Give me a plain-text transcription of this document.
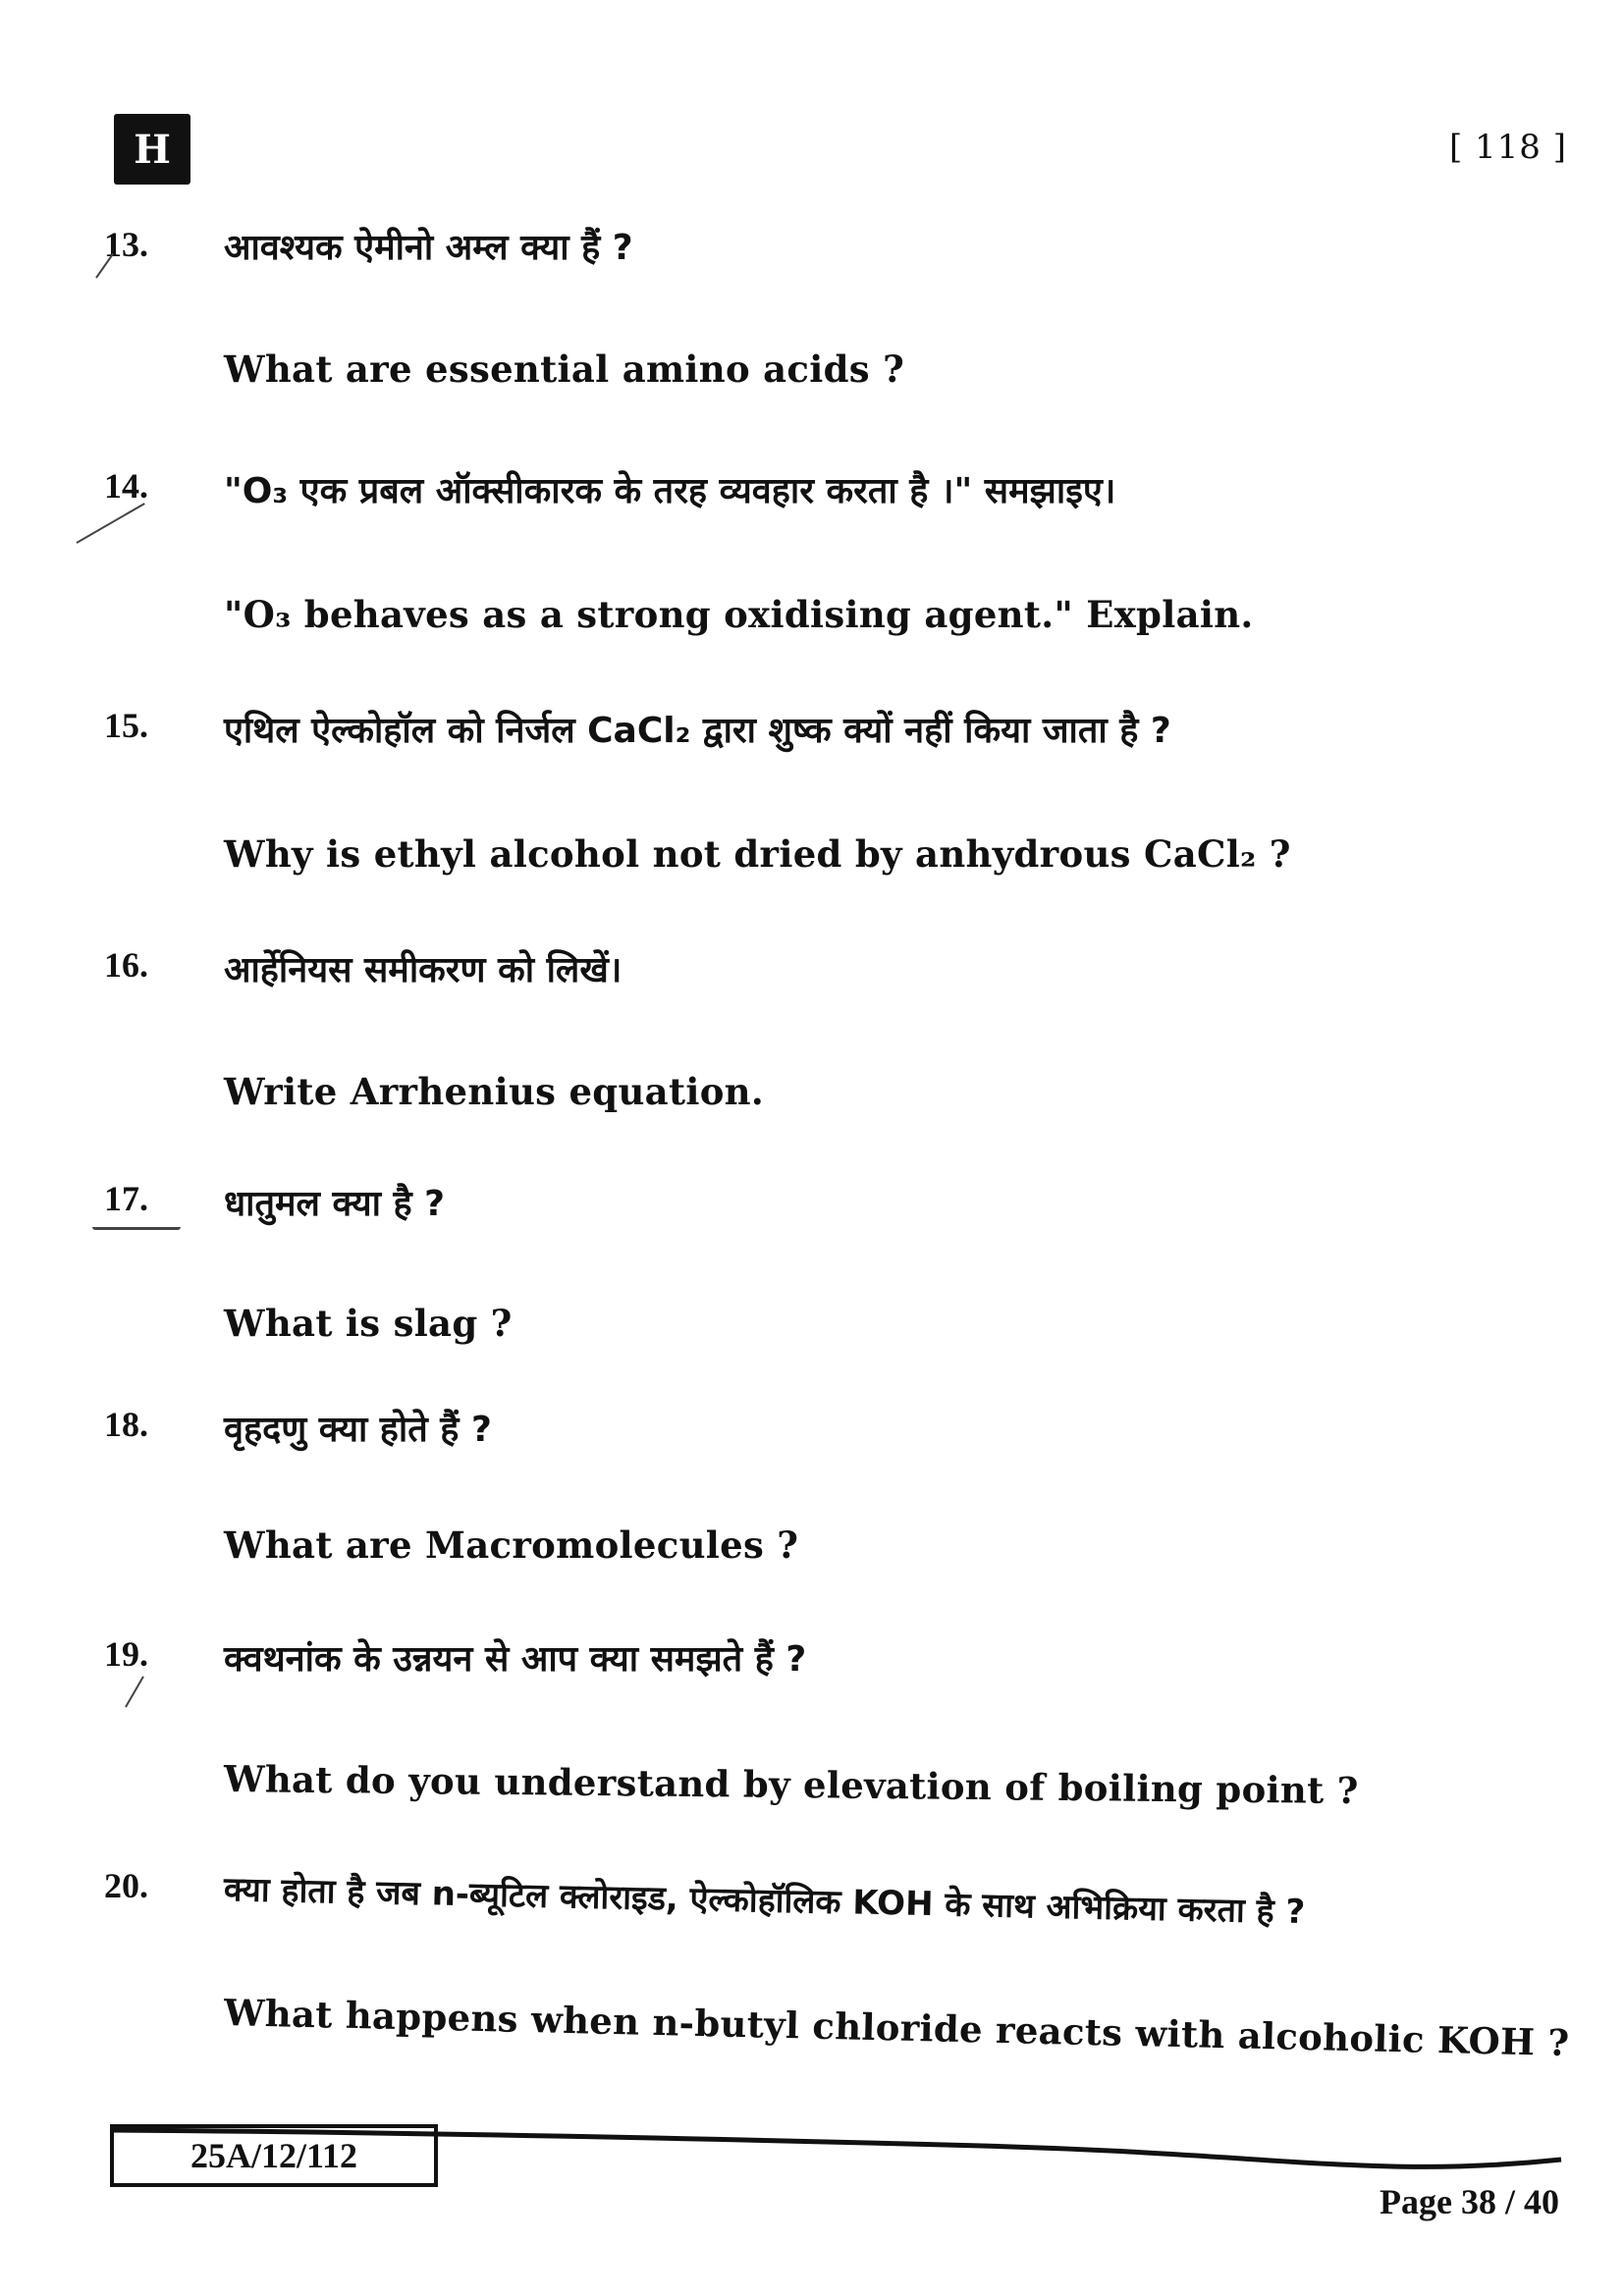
H	[ 118 ]
13. आवश्यक ऐमीनो अम्ल क्या हैं ?
What are essential amino acids ?
14. "O₃ एक प्रबल ऑक्सीकारक के तरह व्यवहार करता है ।" समझाइए।
"O₃ behaves as a strong oxidising agent." Explain.
15. एथिल ऐल्कोहॉल को निर्जल CaCl₂ द्वारा शुष्क क्यों नहीं किया जाता है ?
Why is ethyl alcohol not dried by anhydrous CaCl₂ ?
16. आर्हेनियस समीकरण को लिखें।
Write Arrhenius equation.
17. धातुमल क्या है ?
What is slag ?
18. वृहदणु क्या होते हैं ?
What are Macromolecules ?
19. क्वथनांक के उन्नयन से आप क्या समझते हैं ?
What do you understand by elevation of boiling point ?
20. क्या होता है जब n-ब्यूटिल क्लोराइड, ऐल्कोहॉलिक KOH के साथ अभिक्रिया करता है ?
What happens when n-butyl chloride reacts with alcoholic KOH ?
25A/12/112
Page 38 / 40
